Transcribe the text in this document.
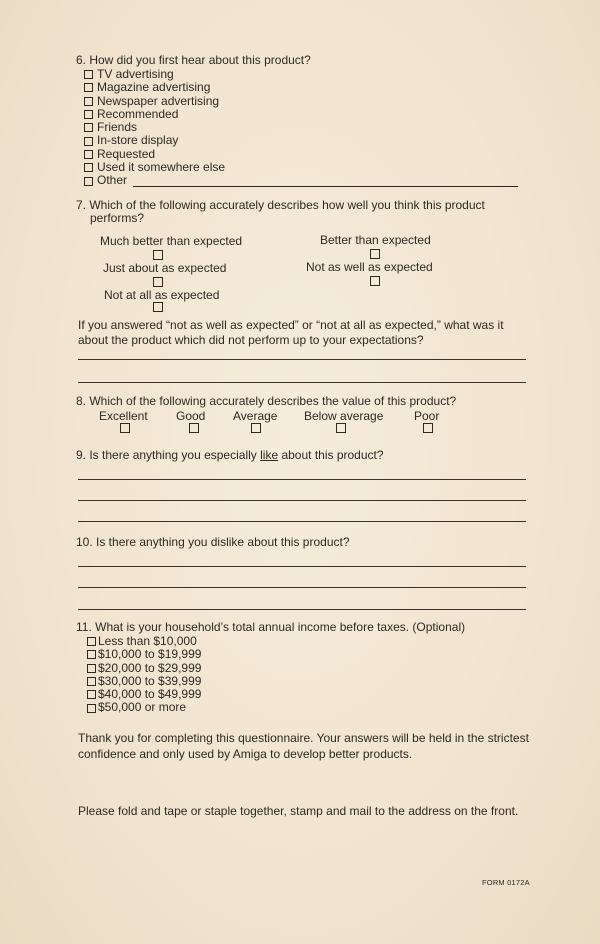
6. How did you first hear about this product?
TV advertising
Magazine advertising
Newspaper advertising
Recommended
Friends
In-store display
Requested
Used it somewhere else
Other
7. Which of the following accurately describes how well you think this product
performs?
Much better than expected	Better than expected
Just about as expected	Not as well as expected
Not at all as expected
If you answered “not as well as expected” or “not at all as expected,” what was it
about the product which did not perform up to your expectations?
8. Which of the following accurately describes the value of this product?
Excellent Good Average Below average	Poor
9. Is there anything you especially like about this product?
10. Is there anything you dislike about this product?
11. What is your household’s total annual income before taxes. (Optional)
Less than $10,000
$10,000 to $19,999
$20,000 to $29,999
$30,000 to $39,999
$40,000 to $49,999
$50,000 or more
Thank you for completing this questionnaire. Your answers will be held in the strictest confidence and only used by Amiga to develop better products.
Please fold and tape or staple together, stamp and mail to the address on the front.
FORM 0172A
